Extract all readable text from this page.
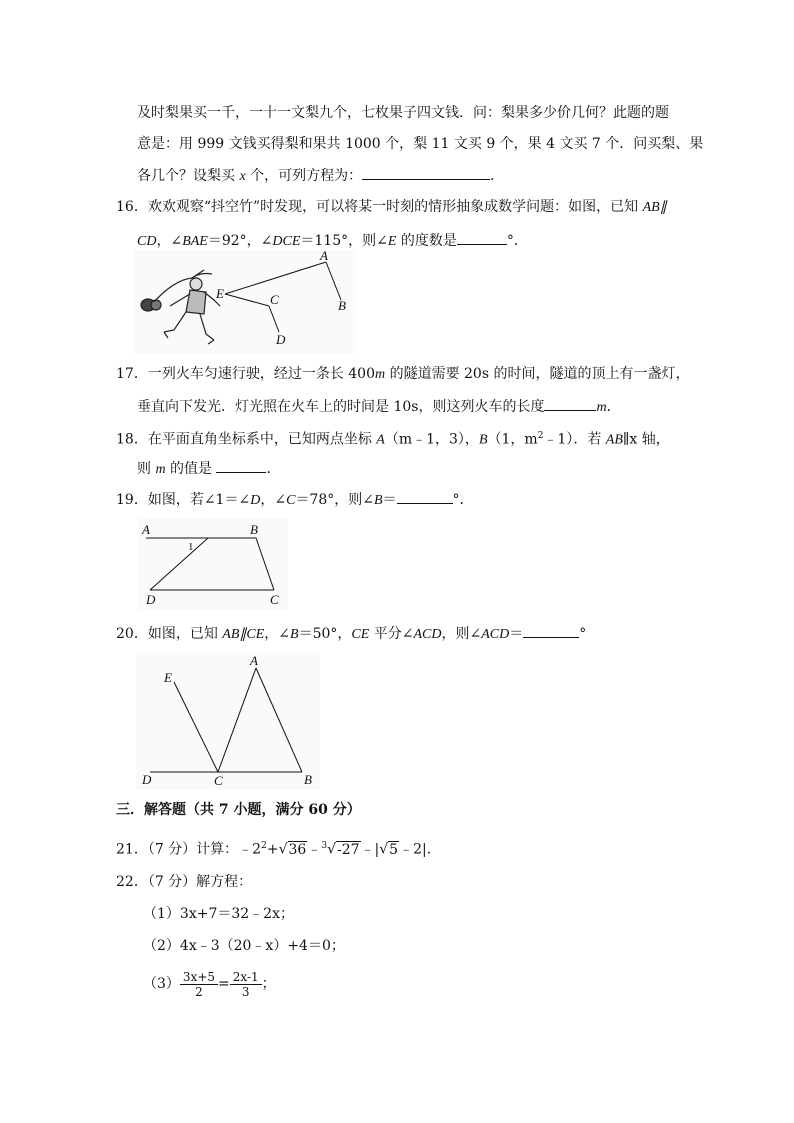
及时梨果买一千，一十一文梨九个，七枚果子四文钱．问：梨果多少价几何？此题的题
意是：用 999 文钱买得梨和果共 1000 个，梨 11 文买 9 个，果 4 文买 7 个．问买梨、果
各几个？设梨买 x 个，可列方程为：	．
16．欢欢观察“抖空竹”时发现，可以将某一时刻的情形抽象成数学问题：如图，已知 AB∥
CD，∠BAE＝92°，∠DCE＝115°，则∠E 的度数是	°．
A
B
C
D
E
17．一列火车匀速行驶，经过一条长 400m 的隧道需要 20s 的时间，隧道的顶上有一盏灯，
垂直向下发光．灯光照在火车上的时间是 10s，则这列火车的长度	m．
18．在平面直角坐标系中，已知两点坐标 A（m﹣1，3），B（1，$m^2﹣1$）．若 AB∥x 轴，
则 m 的值是	．
19．如图，若∠1＝∠D，∠C＝78°，则∠B＝	°．
A	B
C
D
1
20．如图，已知 AB∥CE，∠B＝50°，CE 平分∠ACD，则∠ACD＝	°
A
B
C
D
E
三．解答题（共 7 小题，满分 60 分）
21．（7 分）计算：$﹣2^2+√36﹣^3√-27﹣|√5﹣2|$.
22．（7 分）解方程：
（1）3x+7＝32﹣2x；
（2）4x﹣3（20﹣x）+4＝0；
$(3) \frac{3x+5}{2} = \frac{2x-1}{3}$ ；
